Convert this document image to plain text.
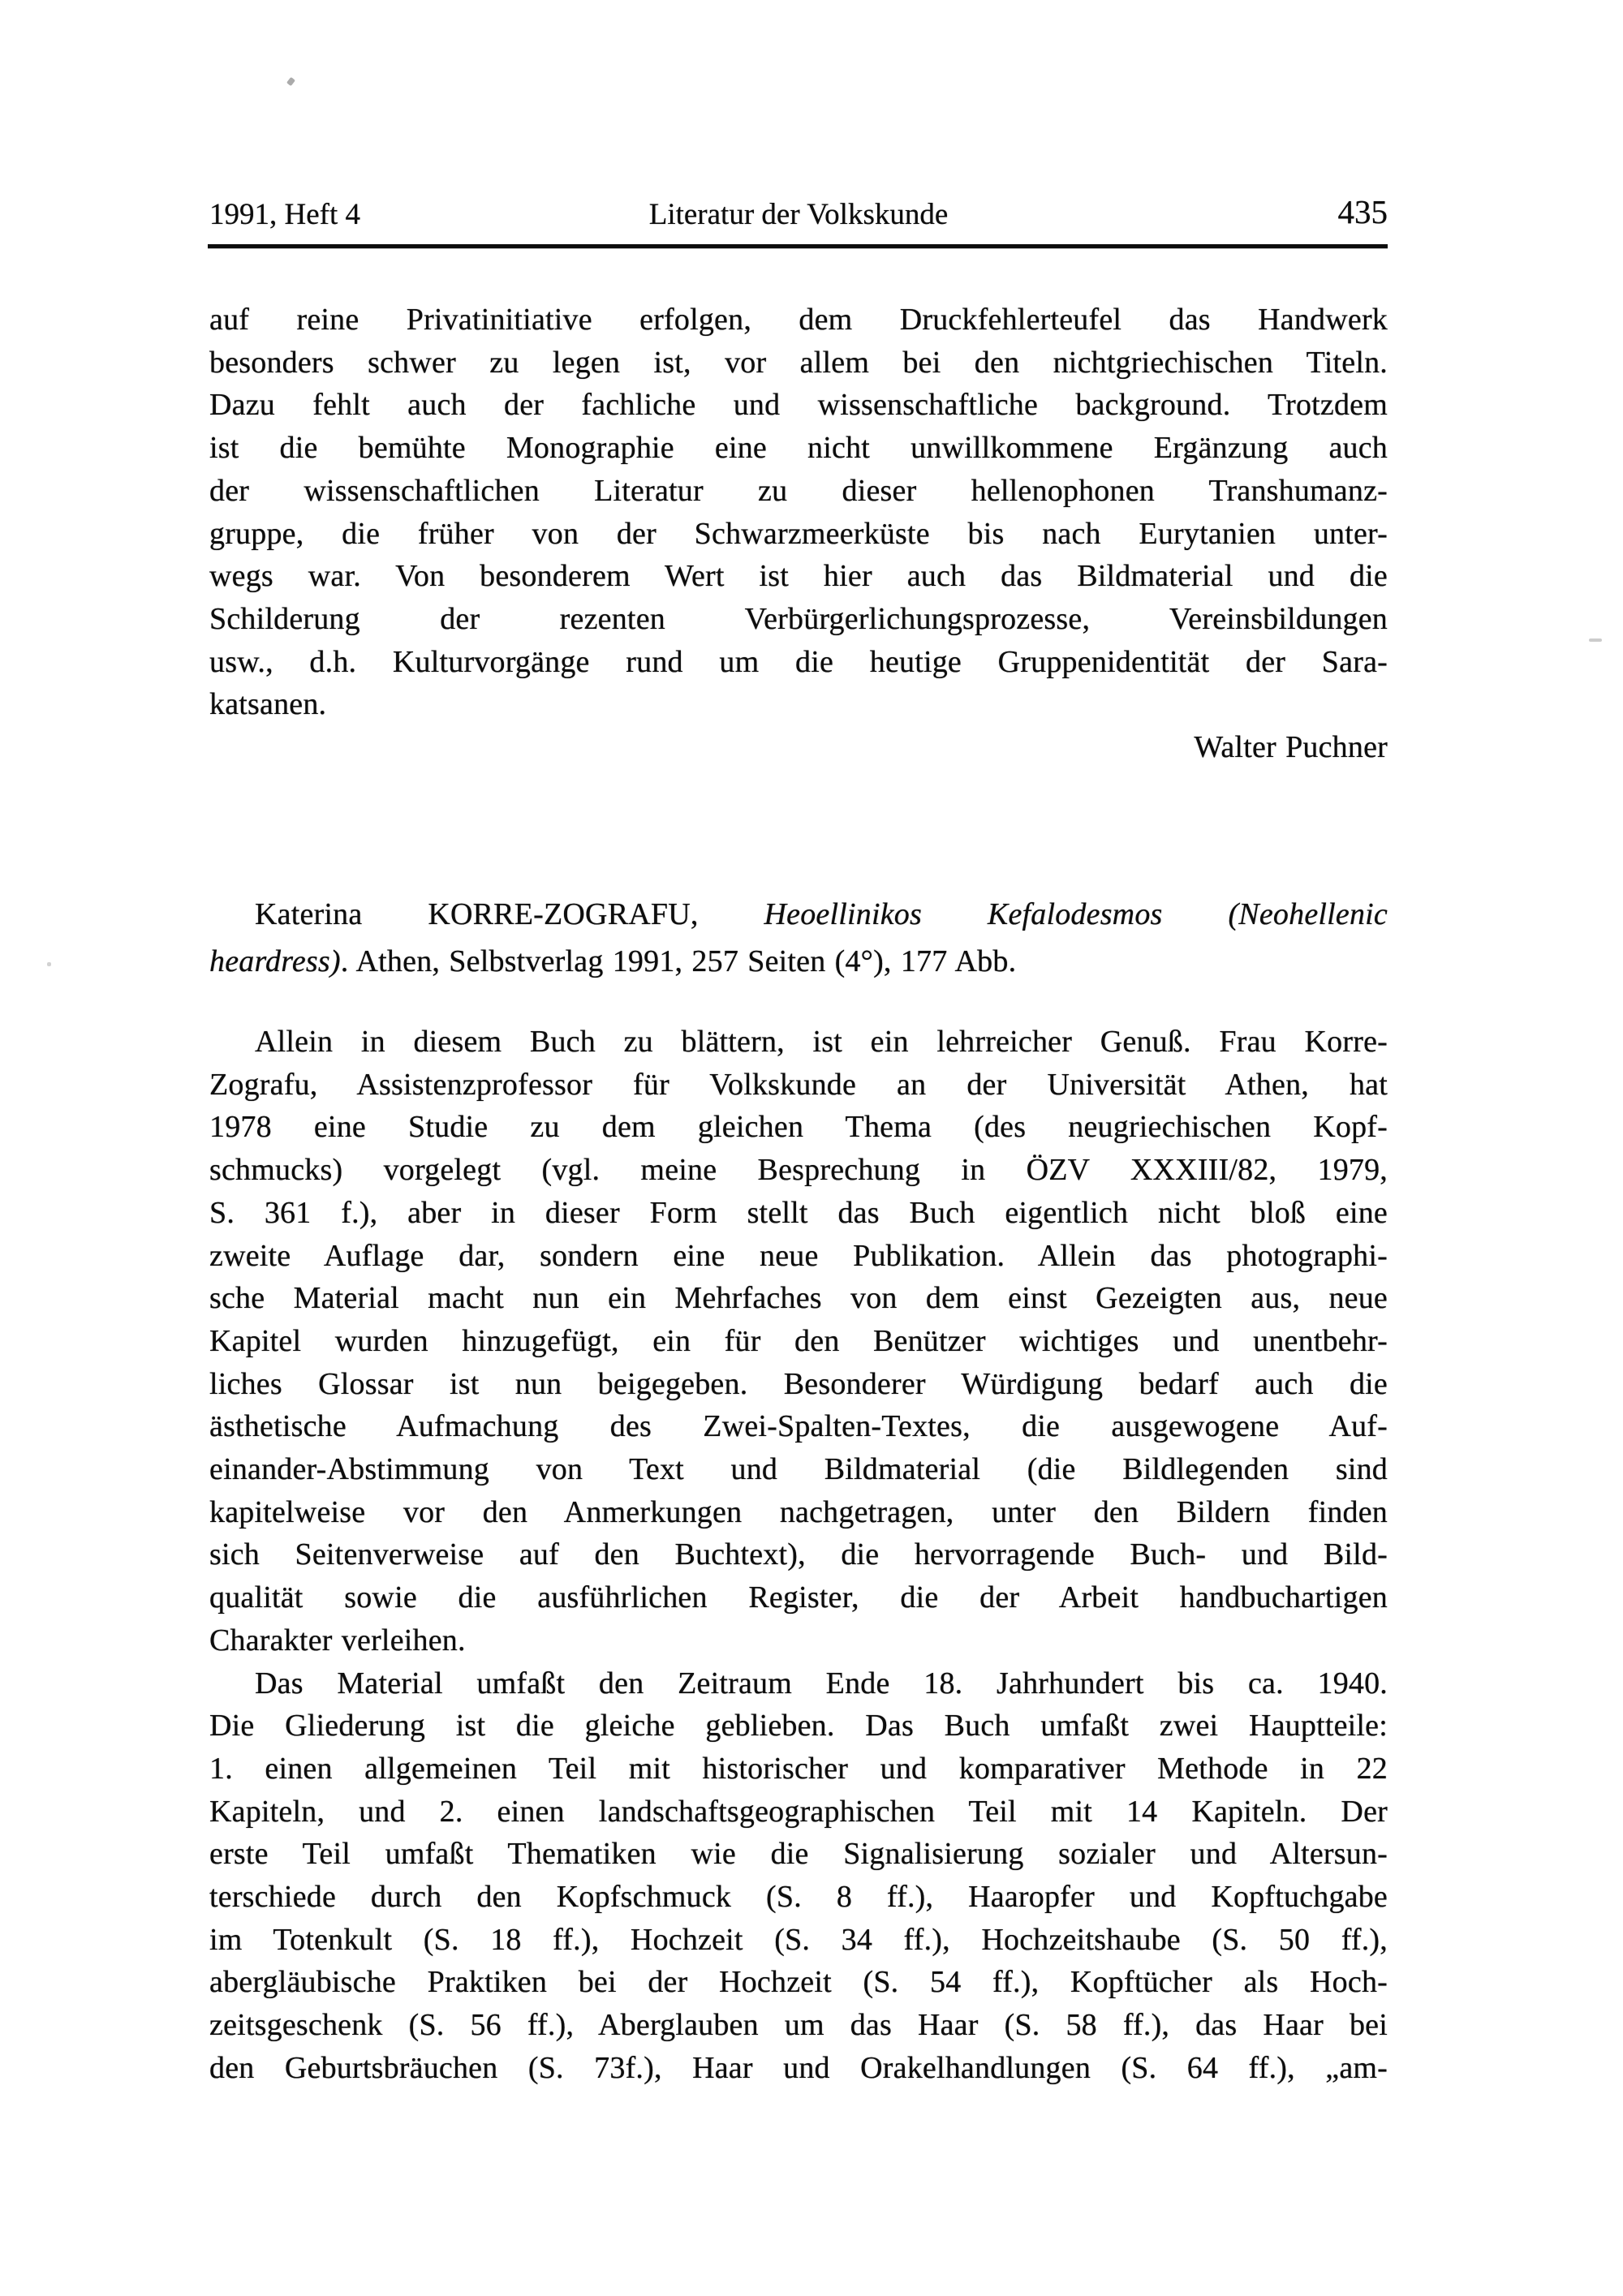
1991, Heft 4	Literatur der Volkskunde	435
auf reine Privatinitiative erfolgen, dem Druckfehlerteufel das Handwerk
besonders schwer zu legen ist, vor allem bei den nichtgriechischen Titeln.
Dazu fehlt auch der fachliche und wissenschaftliche background. Trotzdem
ist die bemühte Monographie eine nicht unwillkommene Ergänzung auch
der wissenschaftlichen Literatur zu dieser hellenophonen Transhumanz-
gruppe, die früher von der Schwarzmeerküste bis nach Eurytanien unter-
wegs war. Von besonderem Wert ist hier auch das Bildmaterial und die
Schilderung der rezenten Verbürgerlichungsprozesse, Vereinsbildungen
usw., d.h. Kulturvorgänge rund um die heutige Gruppenidentität der Sara-
katsanen.
Walter Puchner
Katerina KORRE-ZOGRAFU, Heoellinikos Kefalodesmos (Neohellenic
heardress). Athen, Selbstverlag 1991, 257 Seiten (4°), 177 Abb.
Allein in diesem Buch zu blättern, ist ein lehrreicher Genuß. Frau Korre-
Zografu, Assistenzprofessor für Volkskunde an der Universität Athen, hat
1978 eine Studie zu dem gleichen Thema (des neugriechischen Kopf-
schmucks) vorgelegt (vgl. meine Besprechung in ÖZV XXXIII/82, 1979,
S. 361 f.), aber in dieser Form stellt das Buch eigentlich nicht bloß eine
zweite Auflage dar, sondern eine neue Publikation. Allein das photographi-
sche Material macht nun ein Mehrfaches von dem einst Gezeigten aus, neue
Kapitel wurden hinzugefügt, ein für den Benützer wichtiges und unentbehr-
liches Glossar ist nun beigegeben. Besonderer Würdigung bedarf auch die
ästhetische Aufmachung des Zwei-Spalten-Textes, die ausgewogene Auf-
einander-Abstimmung von Text und Bildmaterial (die Bildlegenden sind
kapitelweise vor den Anmerkungen nachgetragen, unter den Bildern finden
sich Seitenverweise auf den Buchtext), die hervorragende Buch- und Bild-
qualität sowie die ausführlichen Register, die der Arbeit handbuchartigen
Charakter verleihen.
Das Material umfaßt den Zeitraum Ende 18. Jahrhundert bis ca. 1940.
Die Gliederung ist die gleiche geblieben. Das Buch umfaßt zwei Hauptteile:
1. einen allgemeinen Teil mit historischer und komparativer Methode in 22
Kapiteln, und 2. einen landschaftsgeographischen Teil mit 14 Kapiteln. Der
erste Teil umfaßt Thematiken wie die Signalisierung sozialer und Altersun-
terschiede durch den Kopfschmuck (S. 8 ff.), Haaropfer und Kopftuchgabe
im Totenkult (S. 18 ff.), Hochzeit (S. 34 ff.), Hochzeitshaube (S. 50 ff.),
abergläubische Praktiken bei der Hochzeit (S. 54 ff.), Kopftücher als Hoch-
zeitsgeschenk (S. 56 ff.), Aberglauben um das Haar (S. 58 ff.), das Haar bei
den Geburtsbräuchen (S. 73f.), Haar und Orakelhandlungen (S. 64 ff.), „am-
